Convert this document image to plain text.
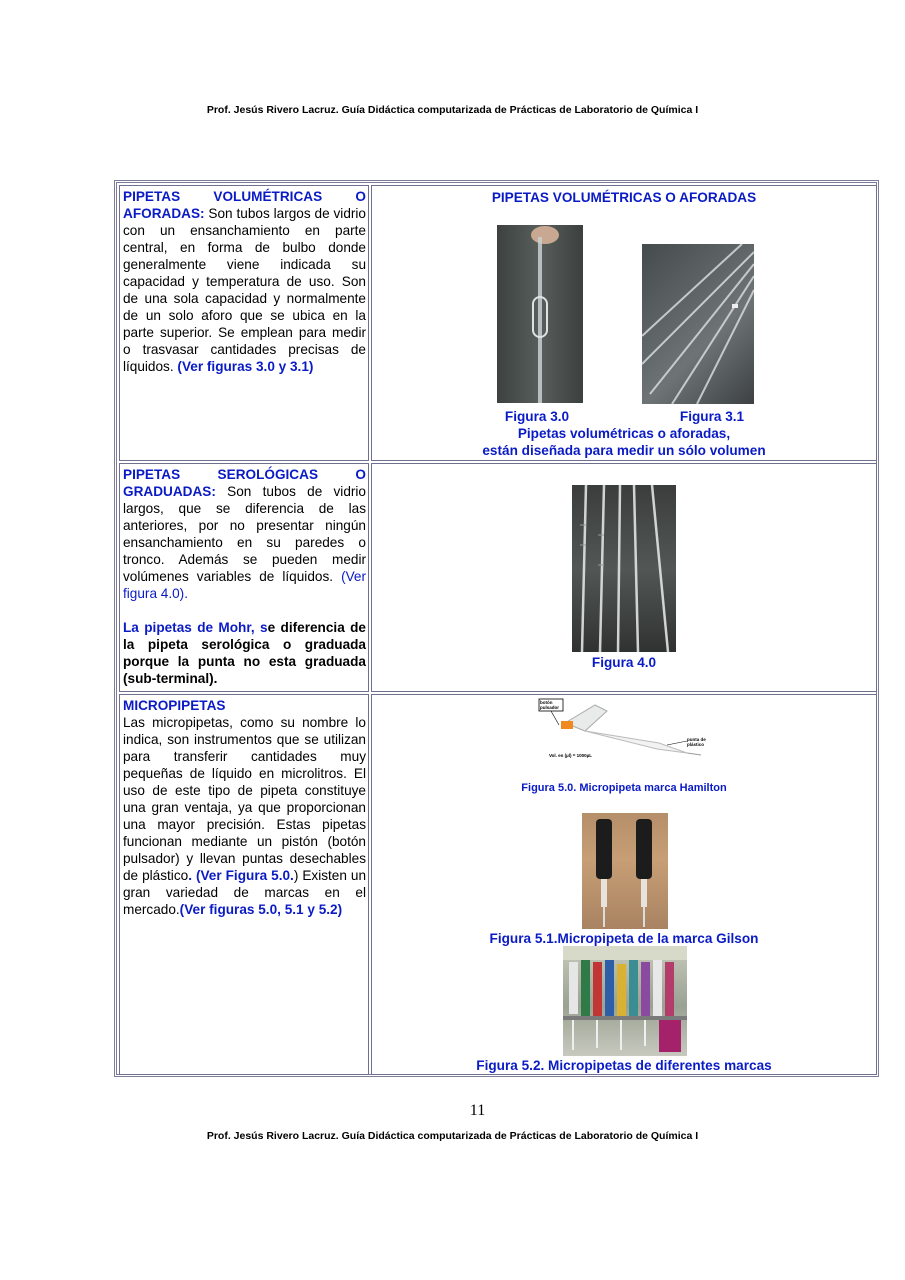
Prof. Jesús Rivero Lacruz. Guía Didáctica computarizada de Prácticas de Laboratorio de Química I

PIPETAS VOLUMÉTRICAS O AFORADAS: Son tubos largos de vidrio con un ensanchamiento en parte central, en forma de bulbo donde generalmente viene indicada su capacidad y temperatura de uso. Son de una sola capacidad y normalmente de un solo aforo que se ubica en la parte superior. Se emplean para medir o trasvasar cantidades precisas de líquidos. (Ver figuras 3.0 y 3.1)

PIPETAS VOLUMÉTRICAS O AFORADAS
Figura 3.0	Figura 3.1
Pipetas volumétricas o aforadas,
están diseñada para medir un sólo volumen

PIPETAS SEROLÓGICAS O GRADUADAS: Son tubos de vidrio largos, que se diferencia de las anteriores, por no presentar ningún ensanchamiento en su paredes o tronco. Además se pueden medir volúmenes variables de líquidos. (Ver figura 4.0).

La pipetas de Mohr, se diferencia de la pipeta serológica o graduada porque la punta no esta graduada (sub-terminal).

Figura 4.0

MICROPIPETAS

Las micropipetas, como su nombre lo indica, son instrumentos que se utilizan para transferir cantidades muy pequeñas de líquido en microlitros. El uso de este tipo de pipeta constituye una gran ventaja, ya que proporcionan una mayor precisión. Estas pipetas funcionan mediante un pistón (botón pulsador) y llevan puntas desechables de plástico. (Ver Figura 5.0.) Existen un gran variedad de marcas en el mercado.(Ver figuras 5.0, 5.1 y 5.2)

botón pulsador
punta de plástico
Vol. en (µl) = 1000µL
Figura 5.0. Micropipeta marca Hamilton
Figura 5.1.Micropipeta de la marca Gilson
Figura 5.2. Micropipetas de diferentes marcas
11
Prof. Jesús Rivero Lacruz. Guía Didáctica computarizada de Prácticas de Laboratorio de Química I
